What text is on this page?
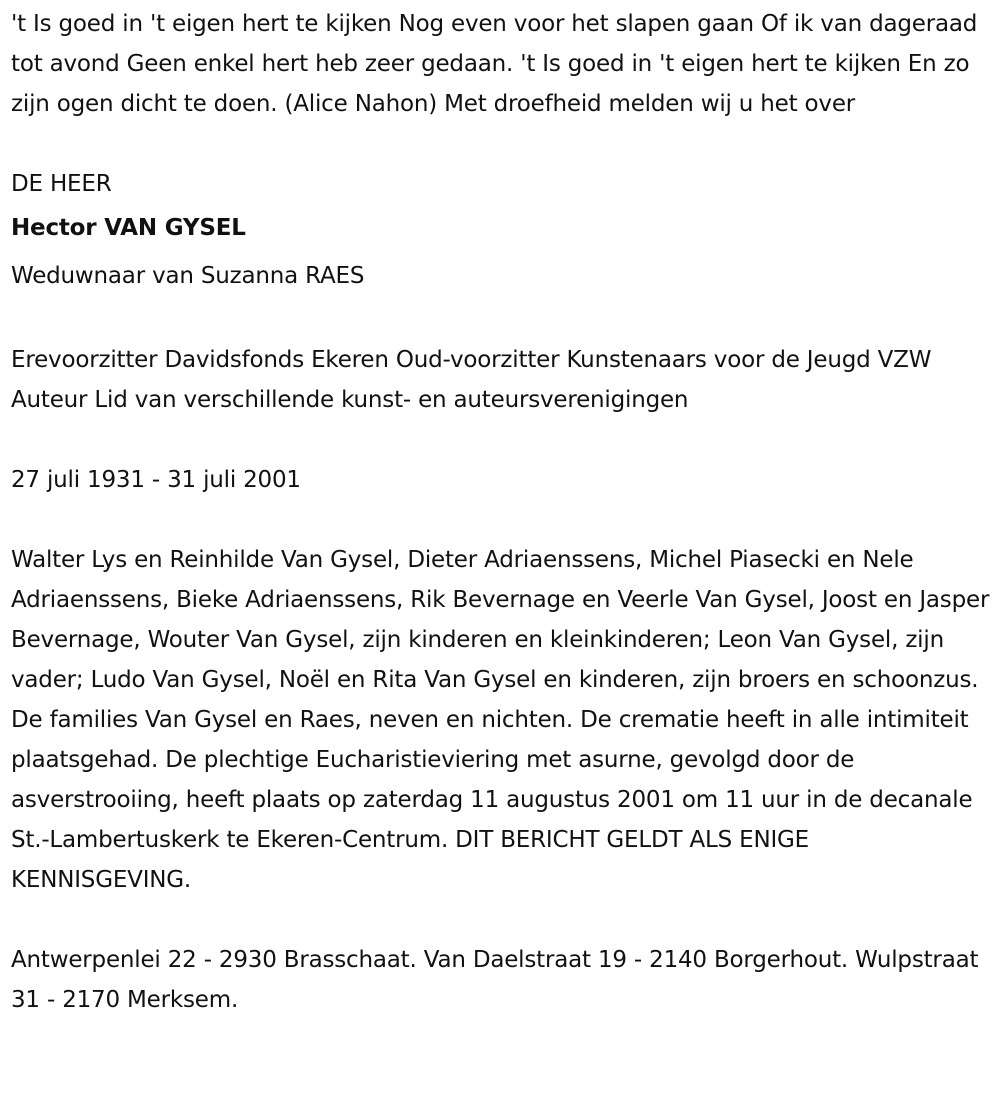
't Is goed in 't eigen hert te kijken Nog even voor het slapen gaan Of ik van dageraad tot avond Geen enkel hert heb zeer gedaan. 't Is goed in 't eigen hert te kijken En zo zijn ogen dicht te doen. (Alice Nahon) Met droefheid melden wij u het over

DE HEER

Hector VAN GYSEL

Weduwnaar van Suzanna RAES

Erevoorzitter Davidsfonds Ekeren Oud-voorzitter Kunstenaars voor de Jeugd VZW Auteur Lid van verschillende kunst- en auteursverenigingen

27 juli 1931 - 31 juli 2001

Walter Lys en Reinhilde Van Gysel, Dieter Adriaenssens, Michel Piasecki en Nele Adriaenssens, Bieke Adriaenssens, Rik Bevernage en Veerle Van Gysel, Joost en Jasper Bevernage, Wouter Van Gysel, zijn kinderen en kleinkinderen; Leon Van Gysel, zijn vader; Ludo Van Gysel, Noël en Rita Van Gysel en kinderen, zijn broers en schoonzus. De families Van Gysel en Raes, neven en nichten. De crematie heeft in alle intimiteit plaatsgehad. De plechtige Eucharistieviering met asurne, gevolgd door de asverstrooiing, heeft plaats op zaterdag 11 augustus 2001 om 11 uur in de decanale St.-Lambertuskerk te Ekeren-Centrum. DIT BERICHT GELDT ALS ENIGE KENNISGEVING.

Antwerpenlei 22 - 2930 Brasschaat. Van Daelstraat 19 - 2140 Borgerhout. Wulpstraat 31 - 2170 Merksem.
